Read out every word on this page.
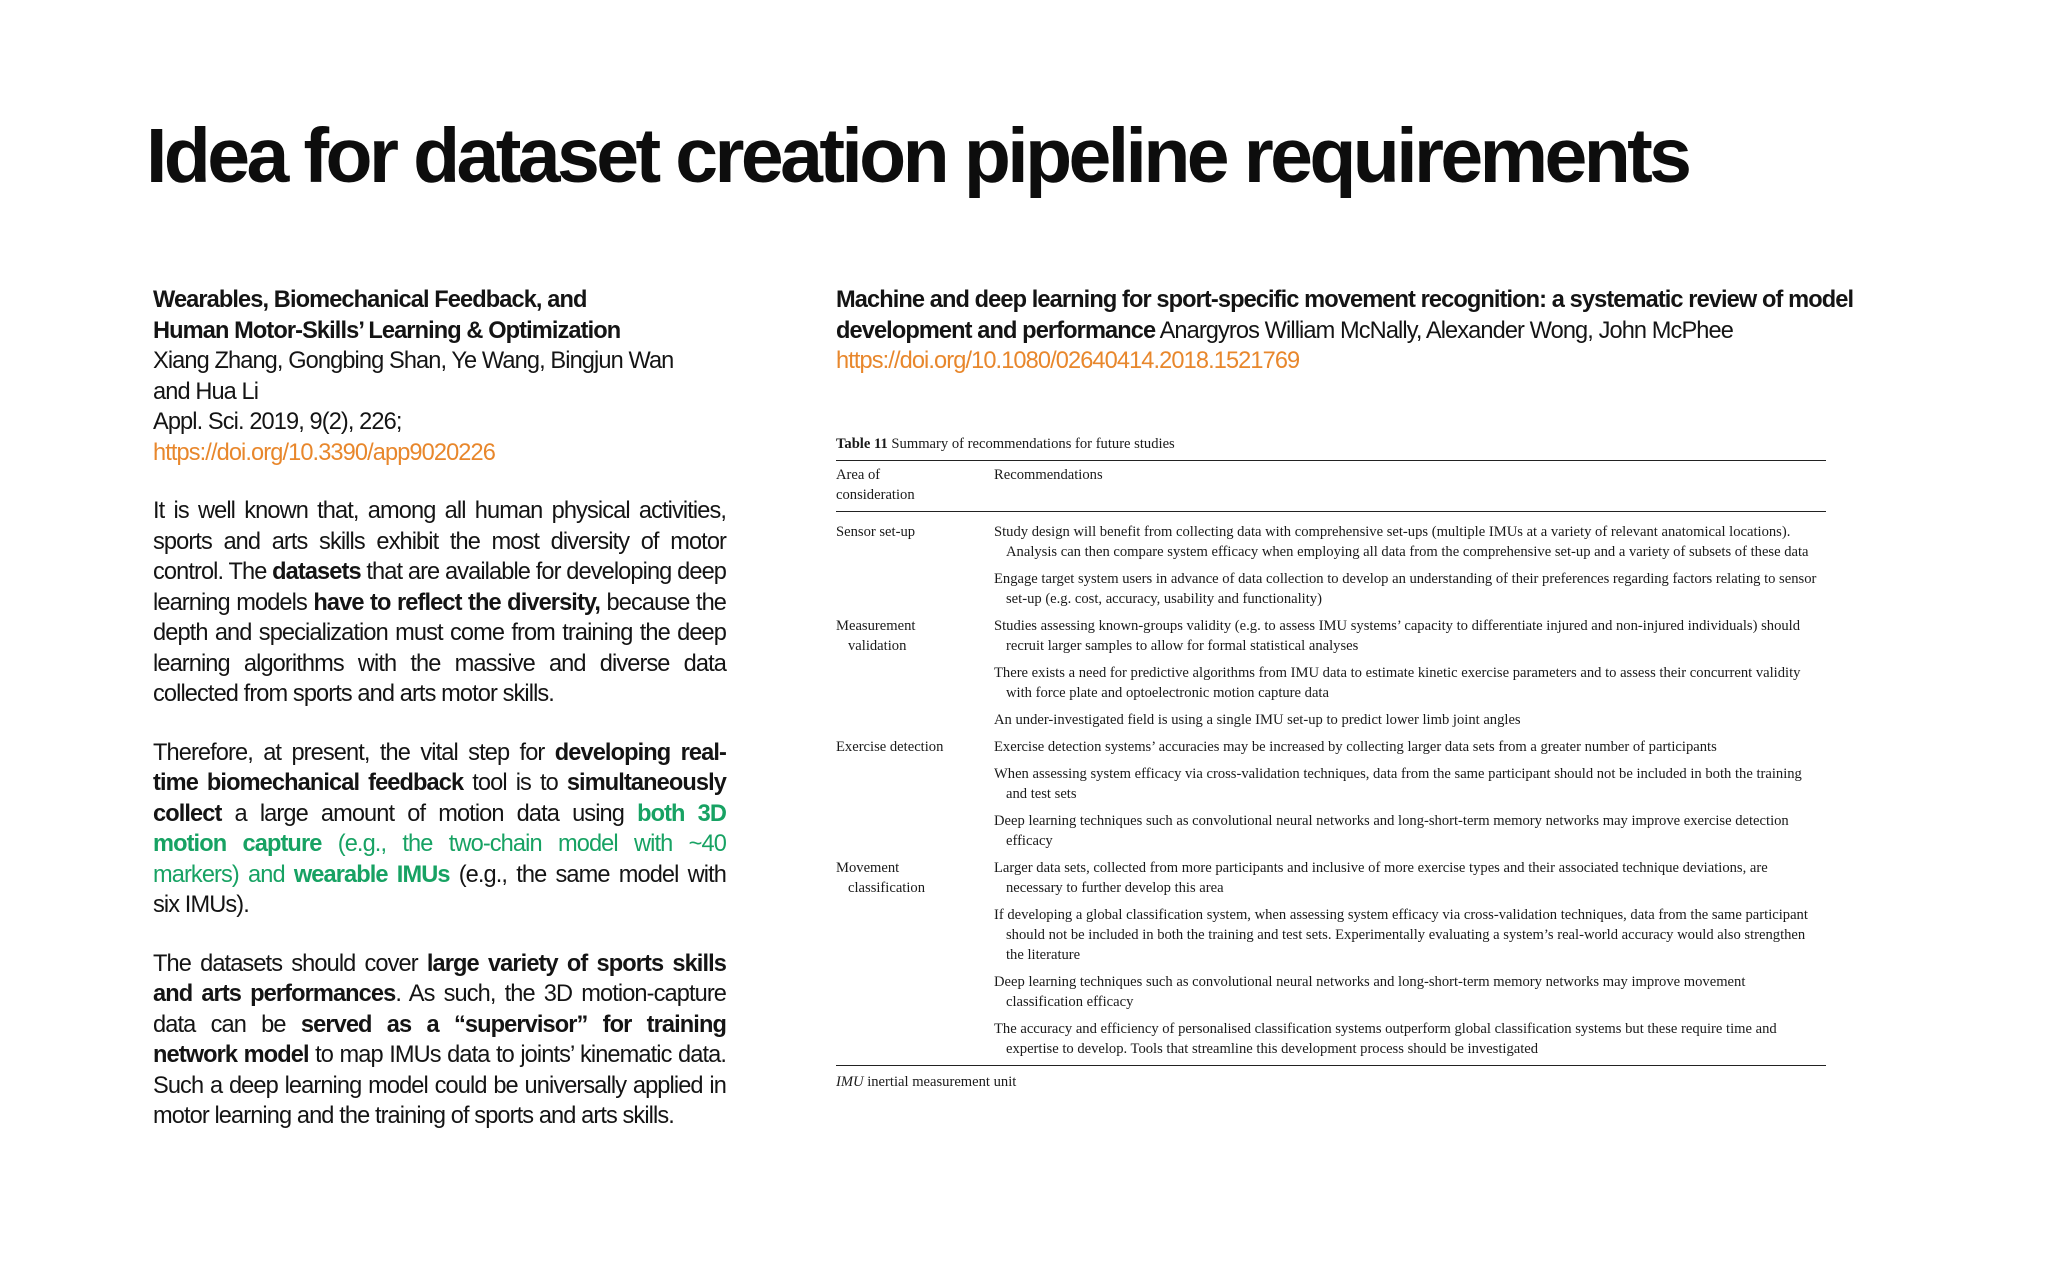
Idea for dataset creation pipeline requirements
Wearables, Biomechanical Feedback, and
Human Motor-Skills’ Learning & Optimization
Xiang Zhang, Gongbing Shan, Ye Wang, Bingjun Wan
and Hua Li
Appl. Sci. 2019, 9(2), 226;
https://doi.org/10.3390/app9020226
It is well known that, among all human physical activities, sports and arts skills exhibit the most diversity of motor control. The datasets that are available for developing deep learning models have to reflect the diversity, because the depth and specialization must come from training the deep learning algorithms with the massive and diverse data collected from sports and arts motor skills.
Therefore, at present, the vital step for developing real-time biomechanical feedback tool is to simultaneously collect a large amount of motion data using both 3D motion capture (e.g., the two-chain model with ~40 markers) and wearable IMUs (e.g., the same model with six IMUs).
The datasets should cover large variety of sports skills and arts performances. As such, the 3D motion-capture data can be served as a “supervisor” for training network model to map IMUs data to joints’ kinematic data. Such a deep learning model could be universally applied in motor learning and the training of sports and arts skills.
Machine and deep learning for sport-specific movement recognition: a systematic review of model development and performance Anargyros William McNally, Alexander Wong, John McPhee https://doi.org/10.1080/02640414.2018.1521769

Table 11 Summary of recommendations for future studies

Area of
consideration	Recommendations

Sensor set-up	Study design will benefit from collecting data with comprehensive set-ups (multiple IMUs at a variety of relevant anatomical locations). Analysis can then compare system efficacy when employing all data from the comprehensive set-up and a variety of subsets of these data

	Engage target system users in advance of data collection to develop an understanding of their preferences regarding factors relating to sensor set-up (e.g. cost, accuracy, usability and functionality)

Measurement
validation	Studies assessing known-groups validity (e.g. to assess IMU systems’ capacity to differentiate injured and non-injured individuals) should recruit larger samples to allow for formal statistical analyses

	There exists a need for predictive algorithms from IMU data to estimate kinetic exercise parameters and to assess their concurrent validity with force plate and optoelectronic motion capture data

	An under-investigated field is using a single IMU set-up to predict lower limb joint angles

Exercise detection	Exercise detection systems’ accuracies may be increased by collecting larger data sets from a greater number of participants

	When assessing system efficacy via cross-validation techniques, data from the same participant should not be included in both the training and test sets

	Deep learning techniques such as convolutional neural networks and long-short-term memory networks may improve exercise detection efficacy

Movement
classification	Larger data sets, collected from more participants and inclusive of more exercise types and their associated technique deviations, are necessary to further develop this area

	If developing a global classification system, when assessing system efficacy via cross-validation techniques, data from the same participant should not be included in both the training and test sets. Experimentally evaluating a system’s real-world accuracy would also strengthen the literature

	Deep learning techniques such as convolutional neural networks and long-short-term memory networks may improve movement classification efficacy

	The accuracy and efficiency of personalised classification systems outperform global classification systems but these require time and expertise to develop. Tools that streamline this development process should be investigated
IMU inertial measurement unit
